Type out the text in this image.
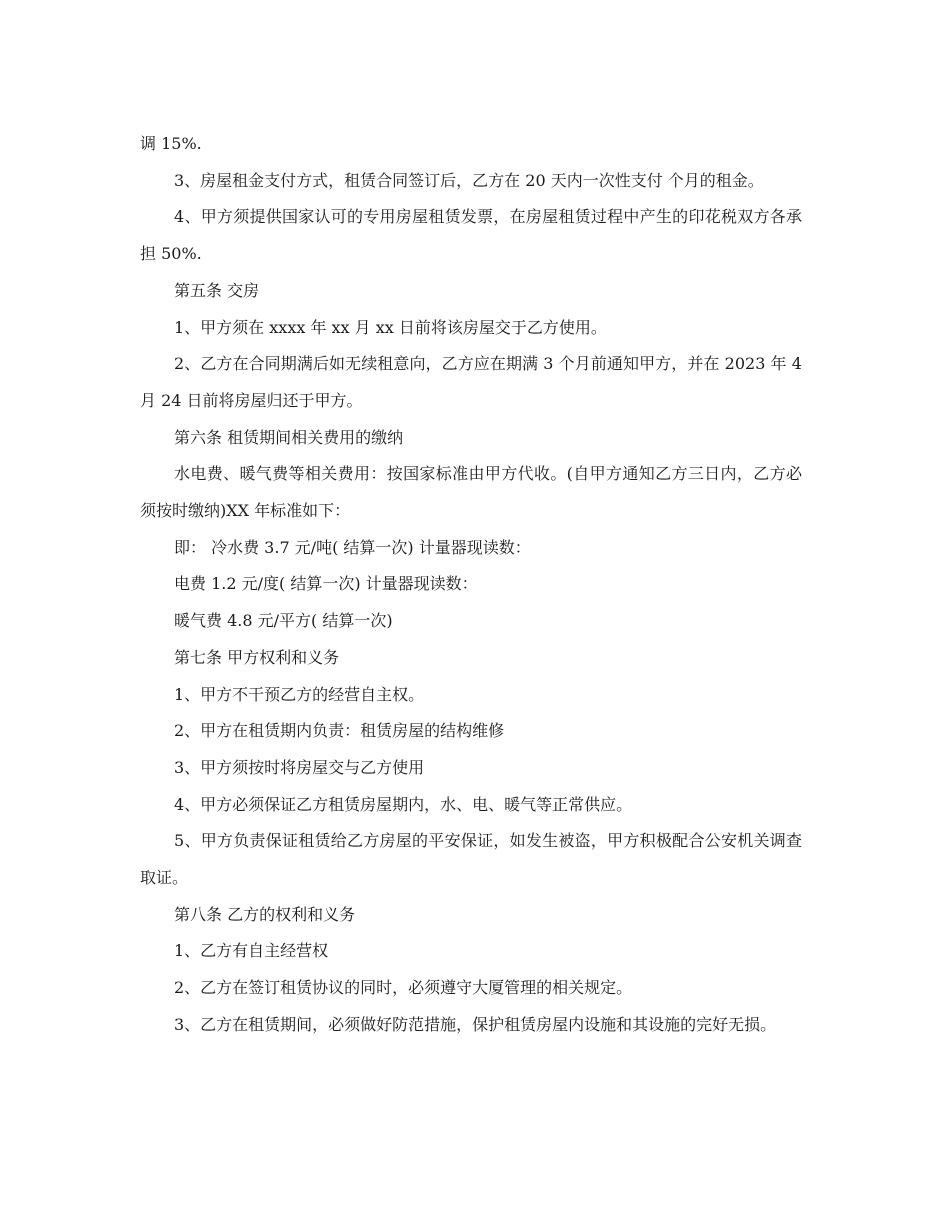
调 15%.

3、房屋租金支付方式，租赁合同签订后，乙方在 20 天内一次性支付 个月的租金。

4、甲方须提供国家认可的专用房屋租赁发票，在房屋租赁过程中产生的印花税双方各承担 50%.

第五条 交房

1、甲方须在 xxxx 年 xx 月 xx 日前将该房屋交于乙方使用。

2、乙方在合同期满后如无续租意向，乙方应在期满 3 个月前通知甲方，并在 2023 年 4 月 24 日前将房屋归还于甲方。

第六条 租赁期间相关费用的缴纳

水电费、暖气费等相关费用：按国家标准由甲方代收。(自甲方通知乙方三日内，乙方必须按时缴纳)XX 年标准如下：

即： 冷水费 3.7 元/吨( 结算一次) 计量器现读数：

电费 1.2 元/度( 结算一次) 计量器现读数：

暖气费 4.8 元/平方( 结算一次)

第七条 甲方权利和义务

1、甲方不干预乙方的经营自主权。

2、甲方在租赁期内负责：租赁房屋的结构维修

3、甲方须按时将房屋交与乙方使用

4、甲方必须保证乙方租赁房屋期内，水、电、暖气等正常供应。

5、甲方负责保证租赁给乙方房屋的平安保证，如发生被盗，甲方积极配合公安机关调查取证。

第八条 乙方的权利和义务

1、乙方有自主经营权

2、乙方在签订租赁协议的同时，必须遵守大厦管理的相关规定。

3、乙方在租赁期间，必须做好防范措施，保护租赁房屋内设施和其设施的完好无损。
